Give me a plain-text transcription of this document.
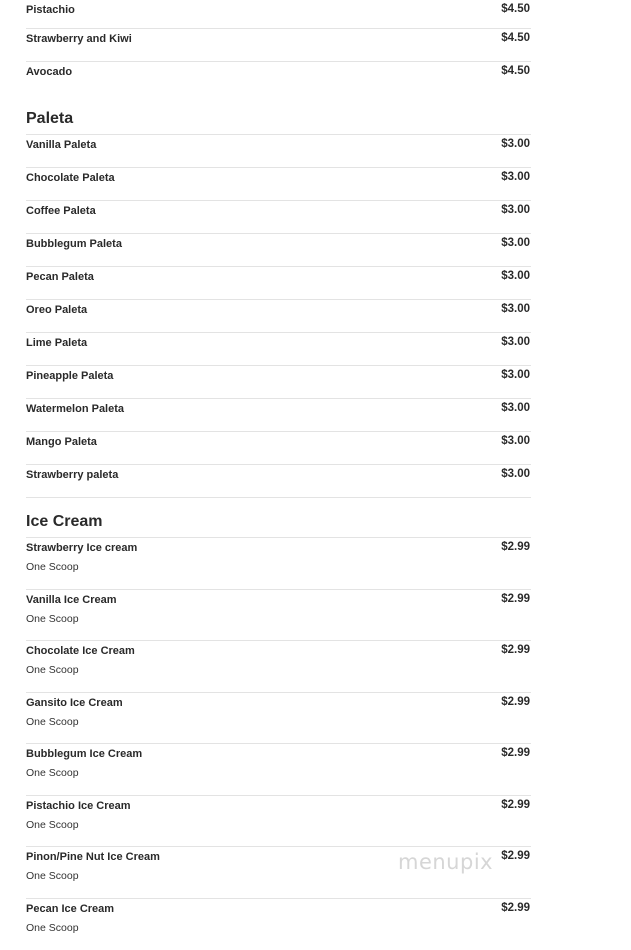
Pistachio	$4.50
Strawberry and Kiwi	$4.50
Avocado	$4.50
Paleta
Vanilla Paleta	$3.00
Chocolate Paleta	$3.00
Coffee Paleta	$3.00
Bubblegum Paleta	$3.00
Pecan Paleta	$3.00
Oreo Paleta	$3.00
Lime Paleta	$3.00
Pineapple Paleta	$3.00
Watermelon Paleta	$3.00
Mango Paleta	$3.00
Strawberry paleta	$3.00
Ice Cream
Strawberry Ice cream	$2.99
One Scoop
Vanilla Ice Cream	$2.99
One Scoop
Chocolate Ice Cream	$2.99
One Scoop
Gansito Ice Cream	$2.99
One Scoop
Bubblegum Ice Cream	$2.99
One Scoop
Pistachio Ice Cream	$2.99
One Scoop
Pinon/Pine Nut Ice Cream	$2.99
One Scoop
Pecan Ice Cream	$2.99
One Scoop
menupix
